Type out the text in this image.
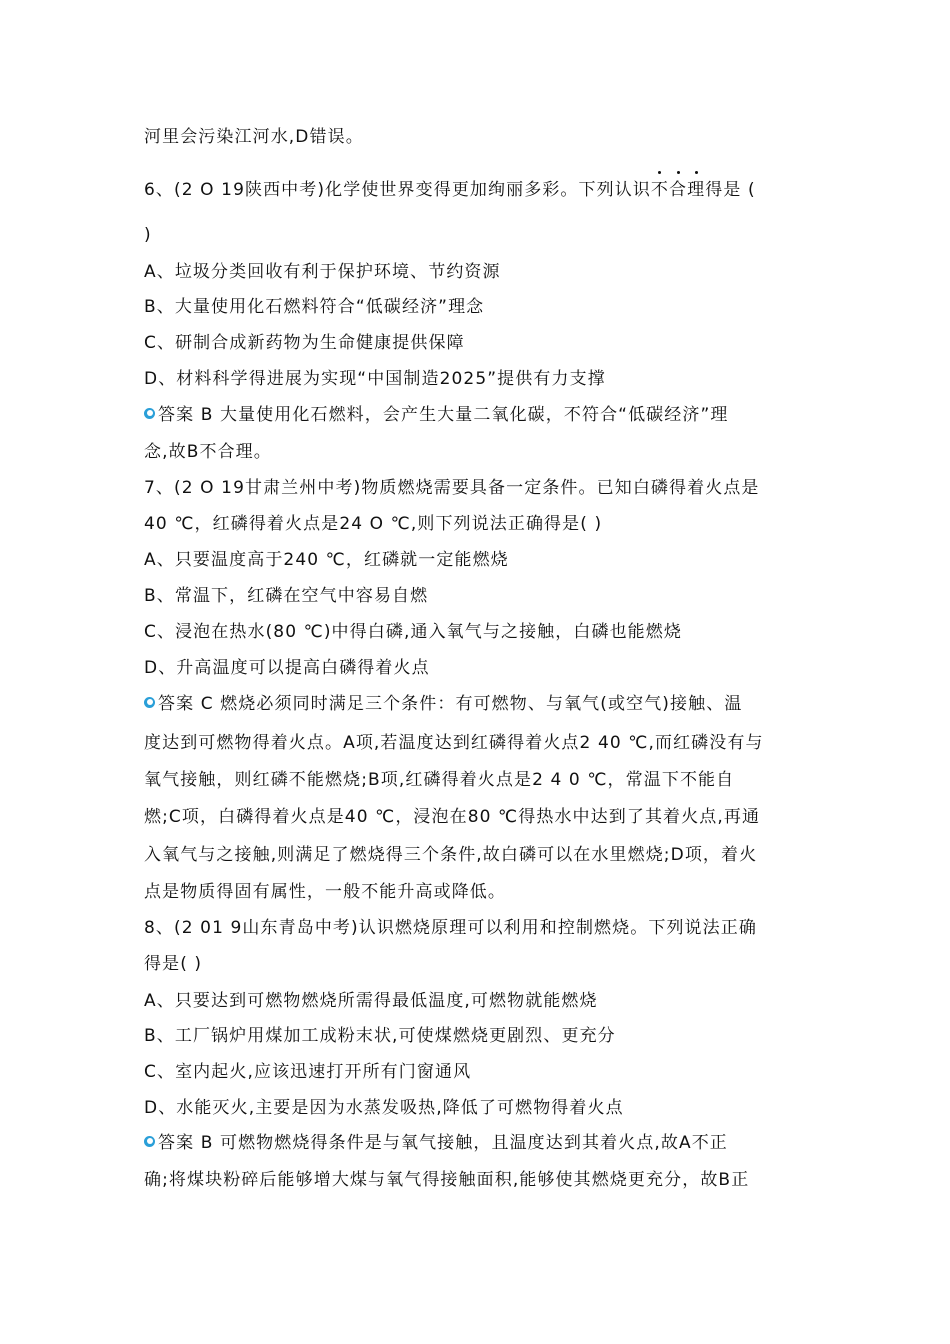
河里会污染江河水,D错误。
6、(2 O 19陕西中考)化学使世界变得更加绚丽多彩。下列认识不合理得是 (
)
A、垃圾分类回收有利于保护环境、节约资源
B、大量使用化石燃料符合“低碳经济”理念
C、研制合成新药物为生命健康提供保障
D、材料科学得进展为实现“中国制造2025”提供有力支撑
答案 B 大量使用化石燃料，会产生大量二氧化碳，不符合“低碳经济”理
念,故B不合理。
7、(2 O 19甘肃兰州中考)物质燃烧需要具备一定条件。已知白磷得着火点是
40 ℃，红磷得着火点是24 O ℃,则下列说法正确得是( )
A、只要温度高于240 ℃，红磷就一定能燃烧
B、常温下，红磷在空气中容易自燃
C、浸泡在热水(80 ℃)中得白磷,通入氧气与之接触，白磷也能燃烧
D、升高温度可以提高白磷得着火点
答案 C 燃烧必须同时满足三个条件：有可燃物、与氧气(或空气)接触、温
度达到可燃物得着火点。A项,若温度达到红磷得着火点2 40 ℃,而红磷没有与
氧气接触，则红磷不能燃烧;B项,红磷得着火点是2 4 0 ℃，常温下不能自
燃;C项，白磷得着火点是40 ℃，浸泡在80 ℃得热水中达到了其着火点,再通
入氧气与之接触,则满足了燃烧得三个条件,故白磷可以在水里燃烧;D项，着火
点是物质得固有属性，一般不能升高或降低。
8、(2 01 9山东青岛中考)认识燃烧原理可以利用和控制燃烧。下列说法正确
得是( )
A、只要达到可燃物燃烧所需得最低温度,可燃物就能燃烧
B、工厂锅炉用煤加工成粉末状,可使煤燃烧更剧烈、更充分
C、室内起火,应该迅速打开所有门窗通风
D、水能灭火,主要是因为水蒸发吸热,降低了可燃物得着火点
答案 B 可燃物燃烧得条件是与氧气接触，且温度达到其着火点,故A不正
确;将煤块粉碎后能够增大煤与氧气得接触面积,能够使其燃烧更充分，故B正
